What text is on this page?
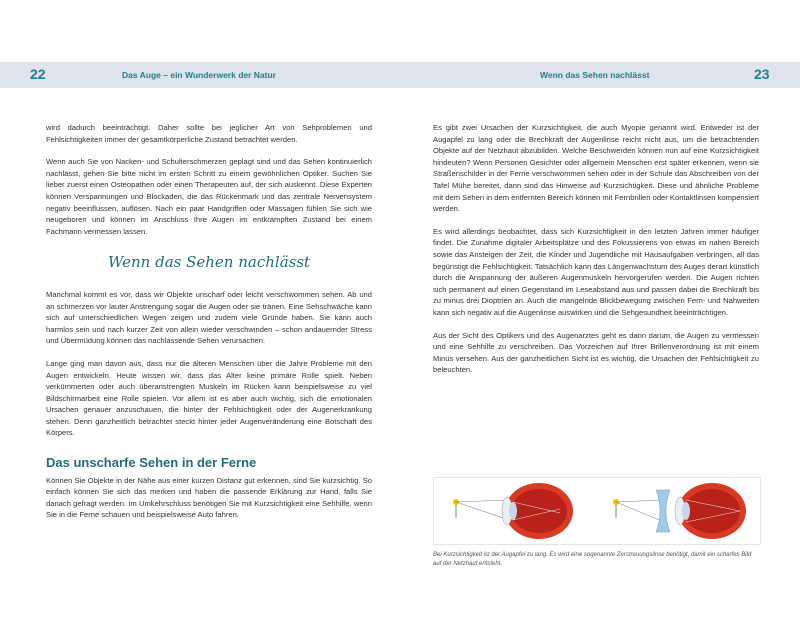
22	Das Auge – ein Wunderwerk der Natur	Wenn das Sehen nachlässt	23

wird dadurch beeinträchtigt. Daher sollte bei jeglicher Art von Sehproblemen und Fehlsichtigkeiten immer der gesamtkörperliche Zustand betrachtet werden.

Wenn auch Sie von Nacken- und Schulterschmerzen geplagt sind und das Sehen kontinuierlich nachlässt, gehen Sie bitte nicht im ersten Schritt zu einem gewöhnlichen Optiker. Suchen Sie lieber zuerst einen Osteopathen oder einen Therapeuten auf, der sich auskennt. Diese Experten können Verspannungen und Blockaden, die das Rückenmark und das zentrale Nervensystem negativ beeinflussen, auflösen. Nach ein paar Handgriffen oder Massagen fühlen Sie sich wie neugeboren und können im Anschluss Ihre Augen im entkrampften Zustand bei einem Fachmann vermessen lassen.

Wenn das Sehen nachlässt

Manchmal kommt es vor, dass wir Objekte unscharf oder leicht verschwommen sehen. Ab und an schmerzen vor lauter Anstrengung sogar die Augen oder sie tränen. Eine Sehschwäche kann sich auf unterschiedlichen Wegen zeigen und zudem viele Gründe haben. Sie kann auch harmlos sein und nach kurzer Zeit von allein wieder verschwinden – schon andauernder Stress und Übermüdung können das nachlassende Sehen verursachen.

Lange ging man davon aus, dass nur die älteren Menschen über die Jahre Probleme mit den Augen entwickeln. Heute wissen wir, dass das Alter keine primäre Rolle spielt. Neben verkümmerten oder auch überanstrengten Muskeln im Rücken kann beispielsweise zu viel Bildschirmarbeit eine Rolle spielen. Vor allem ist es aber auch wichtig, sich die emotionalen Ursachen genauer anzuschauen, die hinter der Fehlsichtigkeit oder der Augenerkrankung stehen. Denn ganzheitlich betrachtet steckt hinter jeder Augenveränderung eine Botschaft des Körpers.

Das unscharfe Sehen in der Ferne

Können Sie Objekte in der Nähe aus einer kurzen Distanz gut erkennen, sind Sie kurzsichtig. So einfach können Sie sich das merken und haben die passende Erklärung zur Hand, falls Sie danach gefragt werden. Im Umkehrschluss benötigen Sie mit Kurzsichtigkeit eine Sehhilfe, wenn Sie in die Ferne schauen und beispielsweise Auto fahren.

Es gibt zwei Ursachen der Kurzsichtigkeit, die auch Myopie genannt wird. Entweder ist der Augapfel zu lang oder die Brechkraft der Augenlinse reicht nicht aus, um die betrachtenden Objekte auf der Netzhaut abzubilden. Welche Beschwerden können nun auf eine Kurzsichtigkeit hindeuten? Wenn Personen Gesichter oder allgemein Menschen erst später erkennen, wenn sie Straßenschilder in der Ferne verschwommen sehen oder in der Schule das Abschreiben von der Tafel Mühe bereitet, dann sind das Hinweise auf Kurzsichtigkeit. Diese und ähnliche Probleme mit dem Sehen in dem entfernten Bereich können mit Fernbrillen oder Kontaktlinsen kompensiert werden.

Es wird allerdings beobachtet, dass sich Kurzsichtigkeit in den letzten Jahren immer häufiger findet. Die Zunahme digitaler Arbeitsplätze und des Fokussierens von etwas im nahen Bereich sowie das Ansteigen der Zeit, die Kinder und Jugendliche mit Hausaufgaben verbringen, all das begünstigt die Fehlsichtigkeit. Tatsächlich kann das Längenwachstum des Auges derart künstlich durch die Anspannung der äußeren Augenmuskeln hervorgerufen werden. Die Augen richten sich permanent auf einen Gegenstand im Leseabstand aus und passen dabei die Brechkraft bis zu minus drei Dioptrien an. Auch die mangelnde Blickbewegung zwischen Fern- und Nahweiten kann sich negativ auf die Augenlinse auswirken und die Sehgesundheit beeinträchtigen.

Aus der Sicht des Optikers und des Augenarztes geht es dann darum, die Augen zu vermessen und eine Sehhilfe zu verschreiben. Das Vorzeichen auf Ihrer Brillenverordnung ist mit einem Minus versehen. Aus der ganzheitlichen Sicht ist es wichtig, die Ursachen der Fehlsichtigkeit zu beleuchten.

Bei Kurzsichtigkeit ist der Augapfel zu lang. Es wird eine sogenannte Zerstreuungslinse benötigt, damit ein scharfes Bild auf der Netzhaut entsteht.
